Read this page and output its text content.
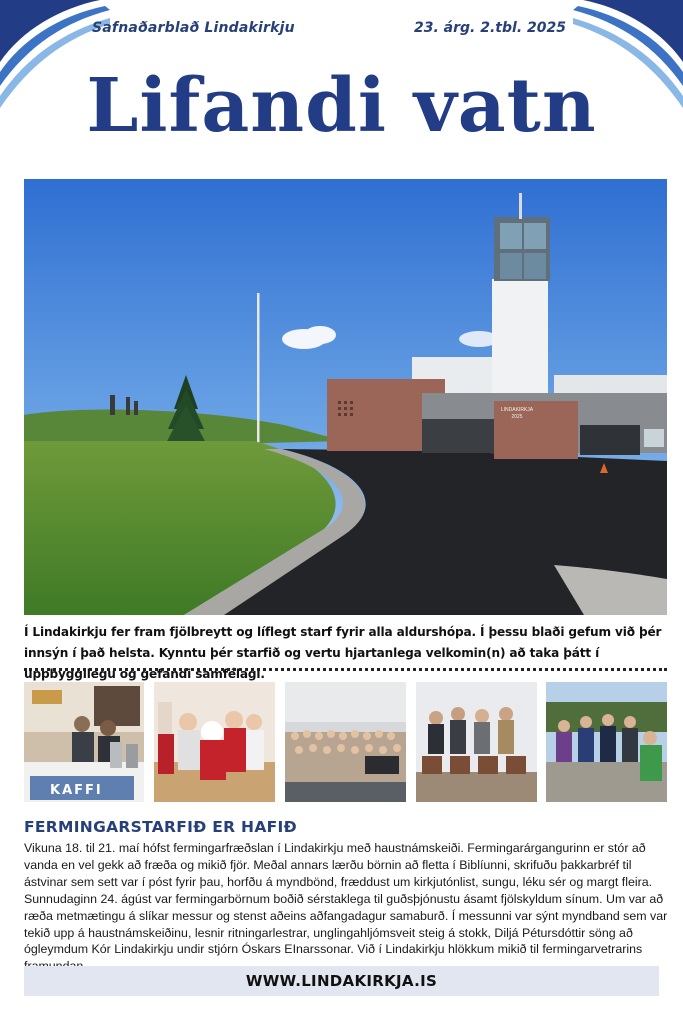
Safnaðarblað Lindakirkju	23. árg. 2.tbl. 2025
Lifandi vatn
LINDAKIRKJA
2025
Í Lindakirkju fer fram fjölbreytt og líflegt starf fyrir alla aldurshópa. Í þessu blaði gefum við þér innsýn í það helsta. Kynntu þér starfið og vertu hjartanlega velkomin(n) að taka þátt í uppbyggilegu og gefandi samfélagi.
KAFFI
FERMINGARSTARFIÐ ER HAFIÐ
Vikuna 18. til 21. maí hófst fermingarfræðslan í Lindakirkju með haustnámskeiði. Fermingarárgangurinn er stór að vanda en vel gekk að fræða og mikið fjör. Meðal annars lærðu börnin að fletta í Biblíunni, skrifuðu þakkarbréf til ástvinar sem sett var í póst fyrir þau, horfðu á myndbönd, fræddust um kirkjutónlist, sungu, léku sér og margt fleira. Sunnudaginn 24. ágúst var fermingarbörnum boðið sérstaklega til guðsþjónustu ásamt fjölskyldum sínum. Um var að ræða metmætingu á slíkar messur og stenst aðeins aðfangadagur samaburð. Í messunni var sýnt myndband sem var tekið upp á haustnámskeiðinu, lesnir ritningarlestrar, unglingahljómsveit steig á stokk, Diljá Pétursdóttir söng að ógleymdum Kór Lindakirkju undir stjórn Óskars EInarssonar. Við í Lindakirkju hlökkum mikið til fermingarvetrarins
WWW.LINDAKIRKJA.IS
